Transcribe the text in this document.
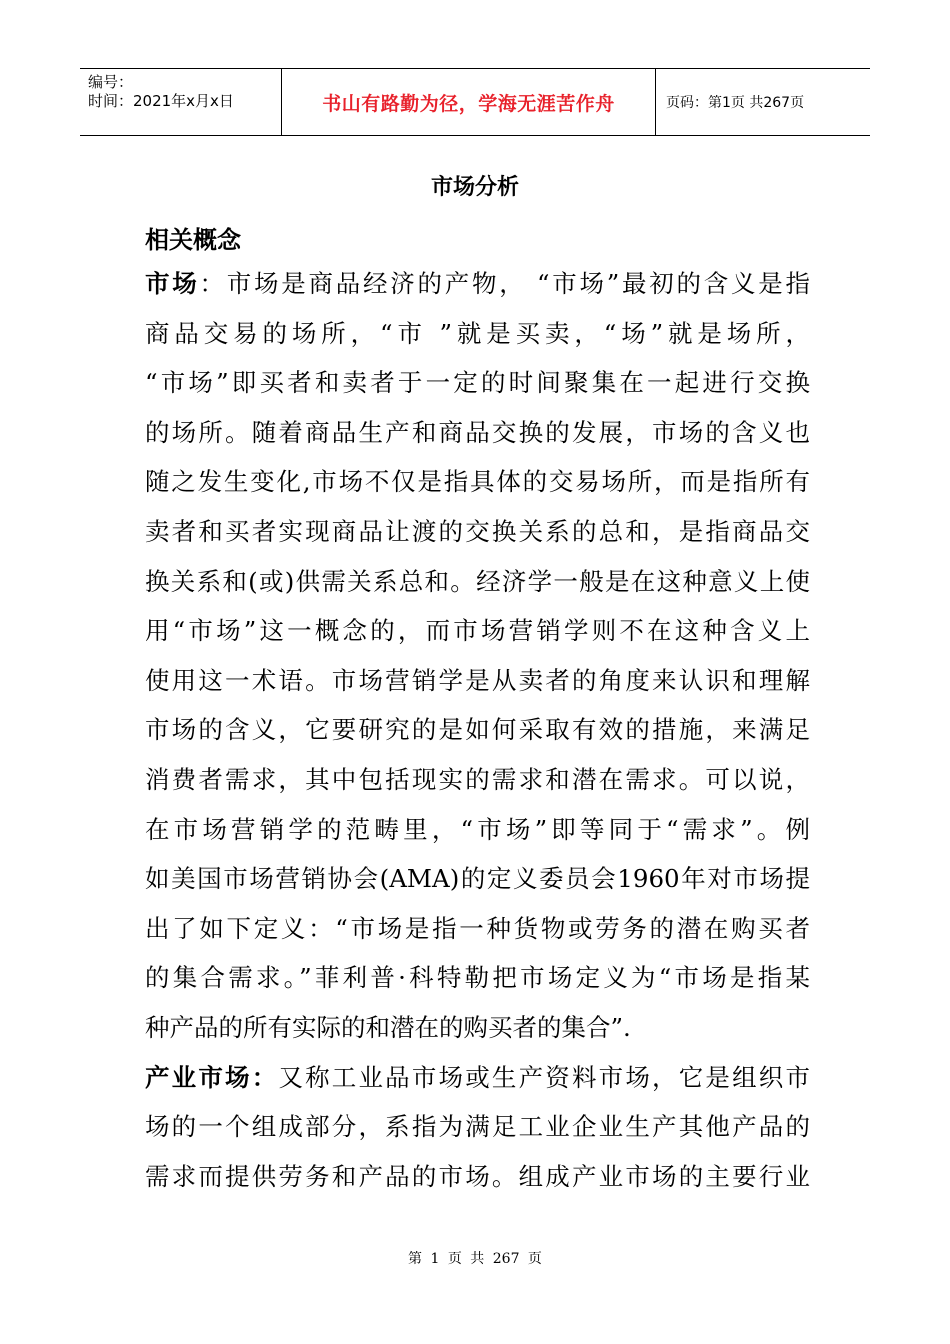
编号：
时间：2021年x月x日	书山有路勤为径，学海无涯苦作舟	页码：第1页 共267页
市场分析
相关概念
市场：市场是商品经济的产物， “市场”最初的含义是指
商品交易的场所，“市 ”就是买卖，“场”就是场所，
“市场”即买者和卖者于一定的时间聚集在一起进行交换
的场所。随着商品生产和商品交换的发展，市场的含义也
随之发生变化,市场不仅是指具体的交易场所，而是指所有
卖者和买者实现商品让渡的交换关系的总和，是指商品交
换关系和(或)供需关系总和。经济学一般是在这种意义上使
用“市场”这一概念的，而市场营销学则不在这种含义上
使用这一术语。市场营销学是从卖者的角度来认识和理解
市场的含义，它要研究的是如何采取有效的措施，来满足
消费者需求，其中包括现实的需求和潜在需求。可以说，
在市场营销学的范畴里，“市场”即等同于“需求”。例
如美国市场营销协会(AMA)的定义委员会1960年对市场提
出了如下定义：“市场是指一种货物或劳务的潜在购买者
的集合需求。”菲利普·科特勒把市场定义为“市场是指某
种产品的所有实际的和潜在的购买者的集合”.
产业市场：又称工业品市场或生产资料市场，它是组织市
场的一个组成部分，系指为满足工业企业生产其他产品的
需求而提供劳务和产品的市场。组成产业市场的主要行业
第 1 页 共 267 页
